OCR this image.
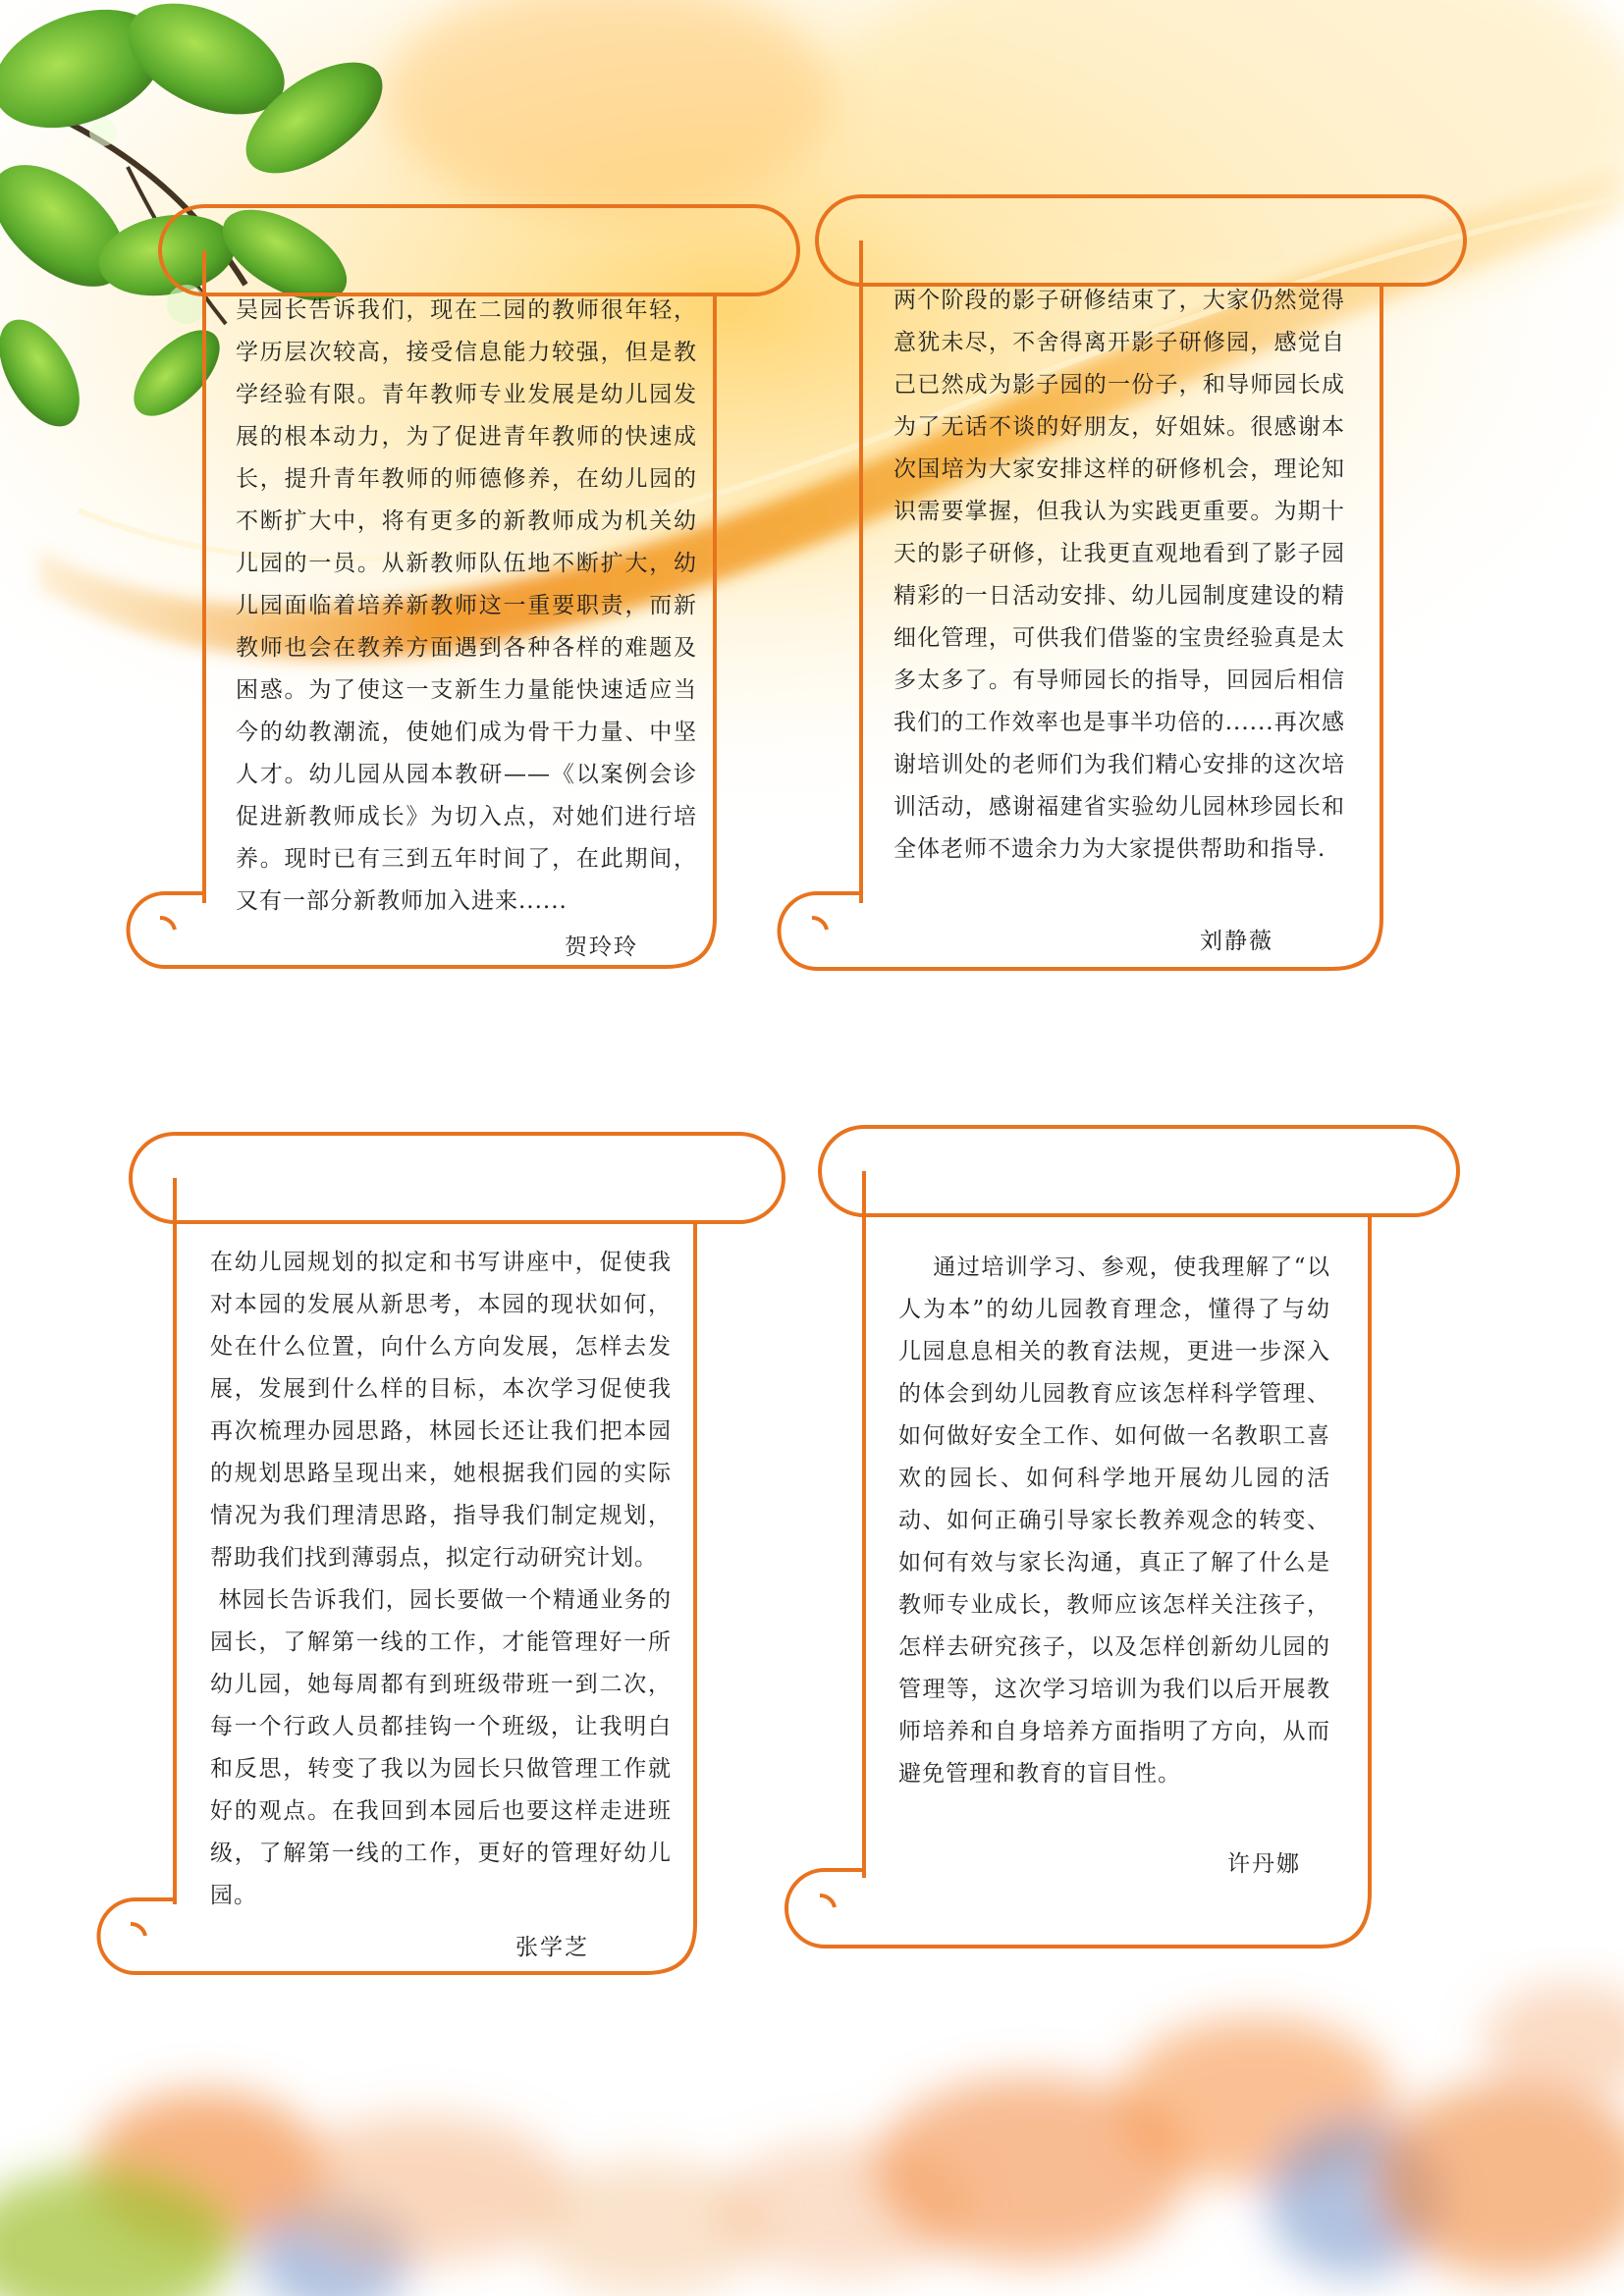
吴园长告诉我们，现在二园的教师很年轻，学历层次较高，接受信息能力较强，但是教学经验有限。青年教师专业发展是幼儿园发展的根本动力，为了促进青年教师的快速成长，提升青年教师的师德修养，在幼儿园的不断扩大中，将有更多的新教师成为机关幼儿园的一员。从新教师队伍地不断扩大，幼儿园面临着培养新教师这一重要职责，而新教师也会在教养方面遇到各种各样的难题及困惑。为了使这一支新生力量能快速适应当今的幼教潮流，使她们成为骨干力量、中坚人才。幼儿园从园本教研——《以案例会诊促进新教师成长》为切入点，对她们进行培养。现时已有三到五年时间了，在此期间，又有一部分新教师加入进来......
贺玲玲
两个阶段的影子研修结束了，大家仍然觉得意犹未尽，不舍得离开影子研修园，感觉自己已然成为影子园的一份子，和导师园长成为了无话不谈的好朋友，好姐妹。很感谢本次国培为大家安排这样的研修机会，理论知识需要掌握，但我认为实践更重要。为期十天的影子研修，让我更直观地看到了影子园精彩的一日活动安排、幼儿园制度建设的精细化管理，可供我们借鉴的宝贵经验真是太多太多了。有导师园长的指导，回园后相信我们的工作效率也是事半功倍的......再次感谢培训处的老师们为我们精心安排的这次培训活动，感谢福建省实验幼儿园林珍园长和全体老师不遗余力为大家提供帮助和指导.
刘静薇
在幼儿园规划的拟定和书写讲座中，促使我对本园的发展从新思考，本园的现状如何，处在什么位置，向什么方向发展，怎样去发展，发展到什么样的目标，本次学习促使我再次梳理办园思路，林园长还让我们把本园的规划思路呈现出来，她根据我们园的实际情况为我们理清思路，指导我们制定规划，帮助我们找到薄弱点，拟定行动研究计划。
林园长告诉我们，园长要做一个精通业务的园长，了解第一线的工作，才能管理好一所幼儿园，她每周都有到班级带班一到二次，每一个行政人员都挂钩一个班级，让我明白和反思，转变了我以为园长只做管理工作就好的观点。在我回到本园后也要这样走进班级，了解第一线的工作，更好的管理好幼儿园。
张学芝
通过培训学习、参观，使我理解了“以人为本”的幼儿园教育理念，懂得了与幼儿园息息相关的教育法规，更进一步深入的体会到幼儿园教育应该怎样科学管理、如何做好安全工作、如何做一名教职工喜欢的园长、如何科学地开展幼儿园的活动、如何正确引导家长教养观念的转变、如何有效与家长沟通，真正了解了什么是教师专业成长，教师应该怎样关注孩子，怎样去研究孩子，以及怎样创新幼儿园的管理等，这次学习培训为我们以后开展教师培养和自身培养方面指明了方向，从而避免管理和教育的盲目性。
许丹娜
